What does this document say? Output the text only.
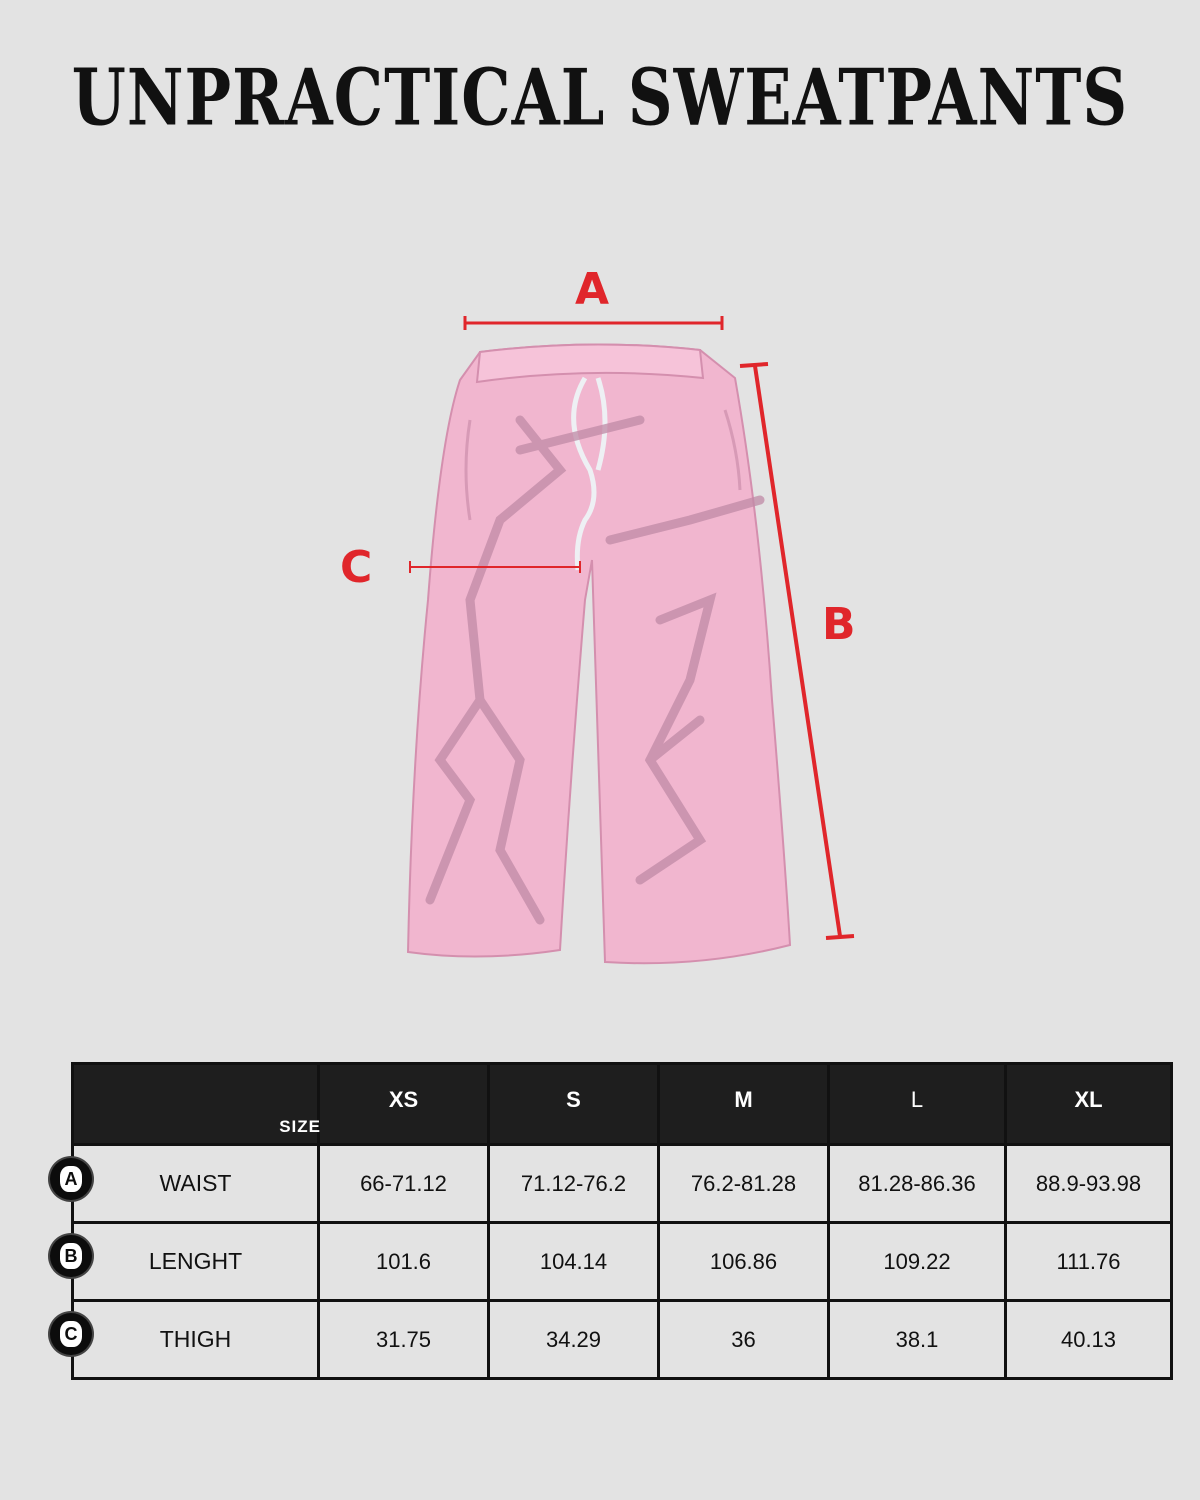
UNPRACTICAL SWEATPANTS
A
B
C
SIZE	XS	S	M	L	XL
WAIST	66-71.12	71.12-76.2	76.2-81.28	81.28-86.36	88.9-93.98
LENGHT	101.6	104.14	106.86	109.22	111.76
THIGH	31.75	34.29	36	38.1	40.13
A
B
C
